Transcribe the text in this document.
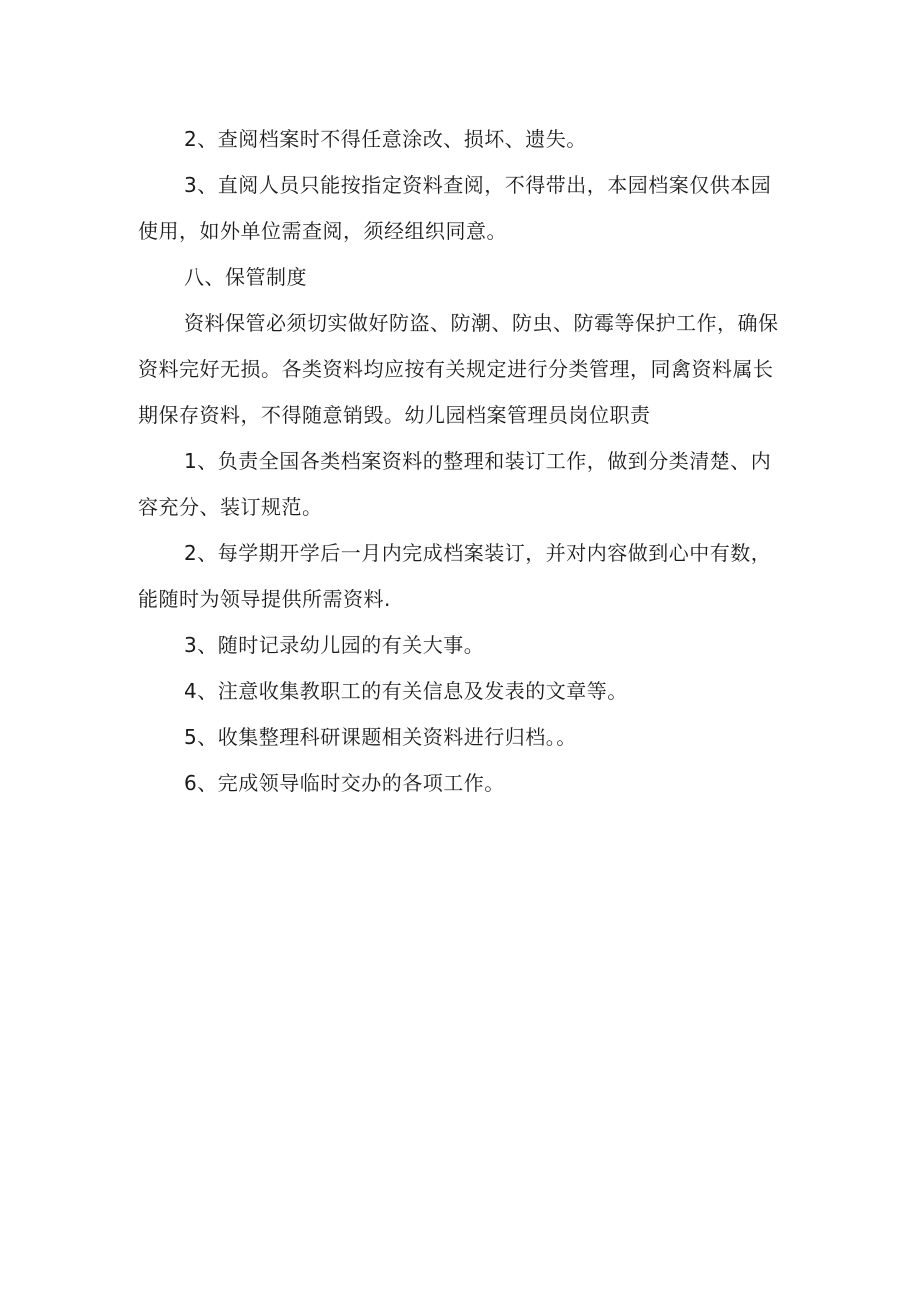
2、查阅档案时不得任意涂改、损坏、遗失。

3、直阅人员只能按指定资料查阅，不得带出，本园档案仅供本园使用，如外单位需查阅，须经组织同意。

八、保管制度

资料保管必须切实做好防盗、防潮、防虫、防霉等保护工作，确保资料完好无损。各类资料均应按有关规定进行分类管理，同禽资料属长期保存资料，不得随意销毁。幼儿园档案管理员岗位职责

1、负责全国各类档案资料的整理和装订工作，做到分类清楚、内容充分、装订规范。

2、每学期开学后一月内完成档案装订，并对内容做到心中有数，能随时为领导提供所需资料.

3、随时记录幼儿园的有关大事。

4、注意收集教职工的有关信息及发表的文章等。

5、收集整理科研课题相关资料进行归档。。

6、完成领导临时交办的各项工作。
